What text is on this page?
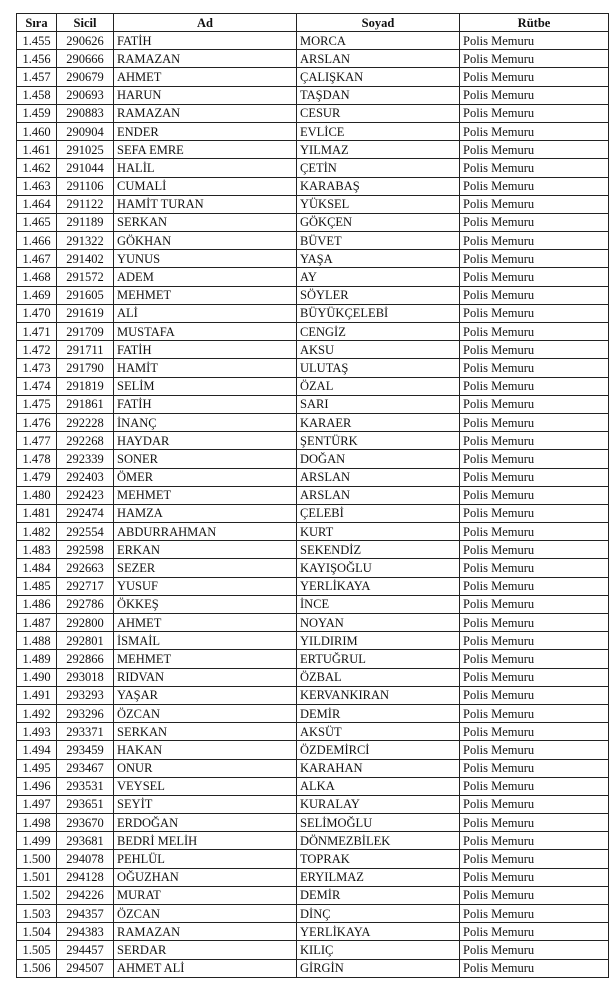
Sıra	Sicil	Ad	Soyad	Rütbe
1.455	290626	FATİH	MORCA	Polis Memuru
1.456	290666	RAMAZAN	ARSLAN	Polis Memuru
1.457	290679	AHMET	ÇALIŞKAN	Polis Memuru
1.458	290693	HARUN	TAŞDAN	Polis Memuru
1.459	290883	RAMAZAN	CESUR	Polis Memuru
1.460	290904	ENDER	EVLİCE	Polis Memuru
1.461	291025	SEFA EMRE	YILMAZ	Polis Memuru
1.462	291044	HALİL	ÇETİN	Polis Memuru
1.463	291106	CUMALİ	KARABAŞ	Polis Memuru
1.464	291122	HAMİT TURAN	YÜKSEL	Polis Memuru
1.465	291189	SERKAN	GÖKÇEN	Polis Memuru
1.466	291322	GÖKHAN	BÜVET	Polis Memuru
1.467	291402	YUNUS	YAŞA	Polis Memuru
1.468	291572	ADEM	AY	Polis Memuru
1.469	291605	MEHMET	SÖYLER	Polis Memuru
1.470	291619	ALİ	BÜYÜKÇELEBİ	Polis Memuru
1.471	291709	MUSTAFA	CENGİZ	Polis Memuru
1.472	291711	FATİH	AKSU	Polis Memuru
1.473	291790	HAMİT	ULUTAŞ	Polis Memuru
1.474	291819	SELİM	ÖZAL	Polis Memuru
1.475	291861	FATİH	SARI	Polis Memuru
1.476	292228	İNANÇ	KARAER	Polis Memuru
1.477	292268	HAYDAR	ŞENTÜRK	Polis Memuru
1.478	292339	SONER	DOĞAN	Polis Memuru
1.479	292403	ÖMER	ARSLAN	Polis Memuru
1.480	292423	MEHMET	ARSLAN	Polis Memuru
1.481	292474	HAMZA	ÇELEBİ	Polis Memuru
1.482	292554	ABDURRAHMAN	KURT	Polis Memuru
1.483	292598	ERKAN	SEKENDİZ	Polis Memuru
1.484	292663	SEZER	KAYIŞOĞLU	Polis Memuru
1.485	292717	YUSUF	YERLİKAYA	Polis Memuru
1.486	292786	ÖKKEŞ	İNCE	Polis Memuru
1.487	292800	AHMET	NOYAN	Polis Memuru
1.488	292801	İSMAİL	YILDIRIM	Polis Memuru
1.489	292866	MEHMET	ERTUĞRUL	Polis Memuru
1.490	293018	RIDVAN	ÖZBAL	Polis Memuru
1.491	293293	YAŞAR	KERVANKIRAN	Polis Memuru
1.492	293296	ÖZCAN	DEMİR	Polis Memuru
1.493	293371	SERKAN	AKSÜT	Polis Memuru
1.494	293459	HAKAN	ÖZDEMİRCİ	Polis Memuru
1.495	293467	ONUR	KARAHAN	Polis Memuru
1.496	293531	VEYSEL	ALKA	Polis Memuru
1.497	293651	SEYİT	KURALAY	Polis Memuru
1.498	293670	ERDOĞAN	SELİMOĞLU	Polis Memuru
1.499	293681	BEDRİ MELİH	DÖNMEZBİLEK	Polis Memuru
1.500	294078	PEHLÜL	TOPRAK	Polis Memuru
1.501	294128	OĞUZHAN	ERYILMAZ	Polis Memuru
1.502	294226	MURAT	DEMİR	Polis Memuru
1.503	294357	ÖZCAN	DİNÇ	Polis Memuru
1.504	294383	RAMAZAN	YERLİKAYA	Polis Memuru
1.505	294457	SERDAR	KILIÇ	Polis Memuru
1.506	294507	AHMET ALİ	GİRGİN	Polis Memuru
